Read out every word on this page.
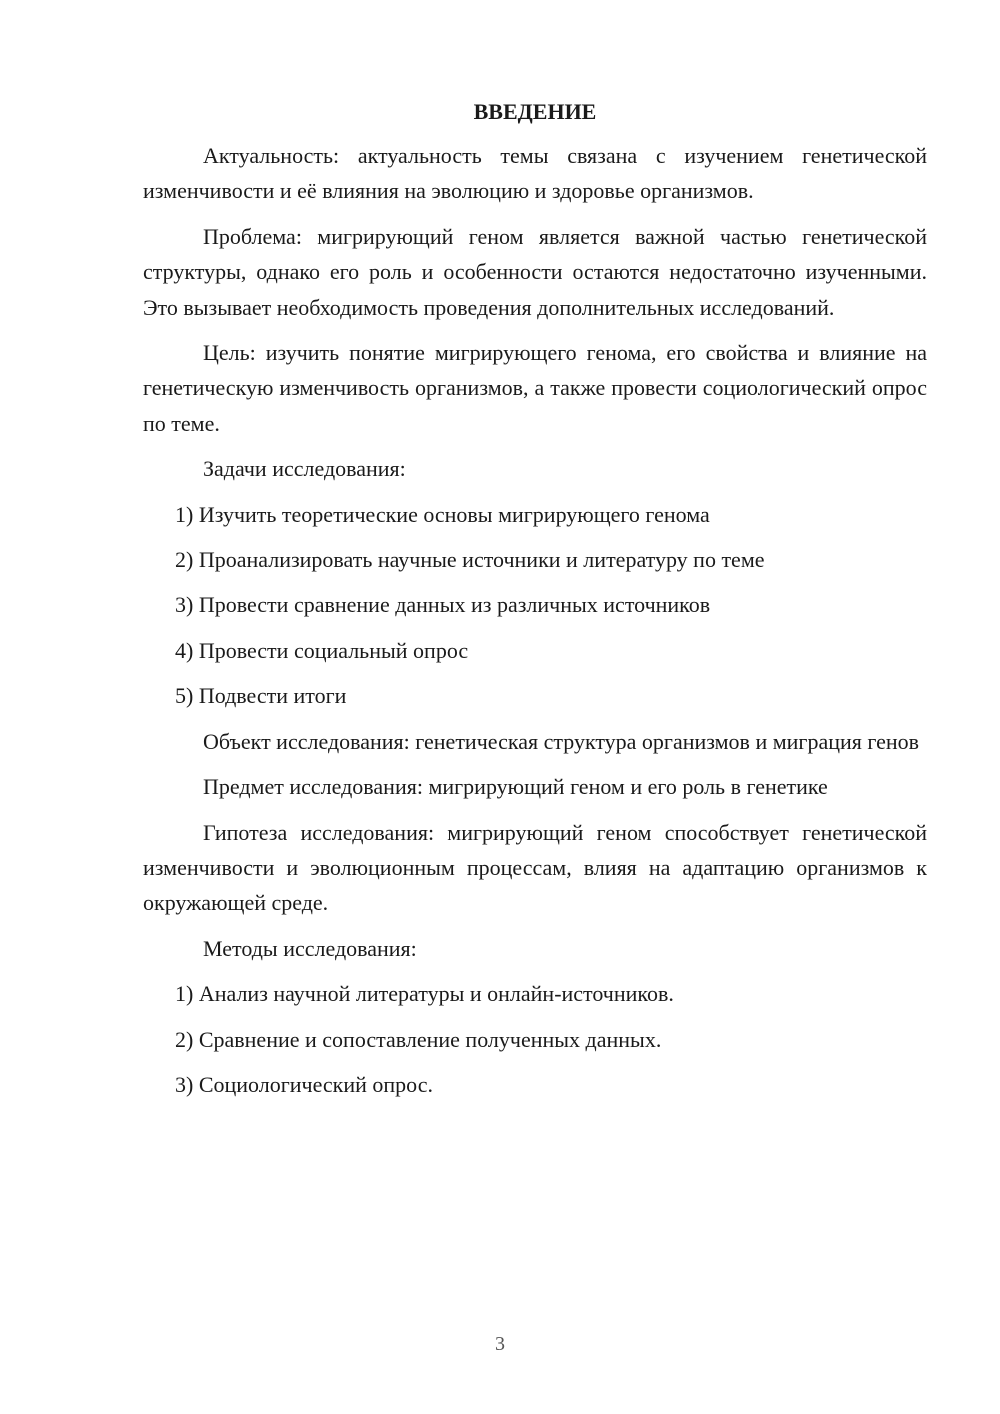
ВВЕДЕНИЕ

Актуальность: актуальность темы связана с изучением генетической изменчивости и её влияния на эволюцию и здоровье организмов.

Проблема: мигрирующий геном является важной частью генетической структуры, однако его роль и особенности остаются недостаточно изученными. Это вызывает необходимость проведения дополнительных исследований.

Цель: изучить понятие мигрирующего генома, его свойства и влияние на генетическую изменчивость организмов, а также провести социологический опрос по теме.

Задачи исследования:

1) Изучить теоретические основы мигрирующего генома
2) Проанализировать научные источники и литературу по теме
3) Провести сравнение данных из различных источников
4) Провести социальный опрос
5) Подвести итоги

Объект исследования: генетическая структура организмов и миграция генов

Предмет исследования: мигрирующий геном и его роль в генетике

Гипотеза исследования: мигрирующий геном способствует генетической изменчивости и эволюционным процессам, влияя на адаптацию организмов к окружающей среде.

Методы исследования:

1) Анализ научной литературы и онлайн-источников.
2) Сравнение и сопоставление полученных данных.
3) Социологический опрос.
3
